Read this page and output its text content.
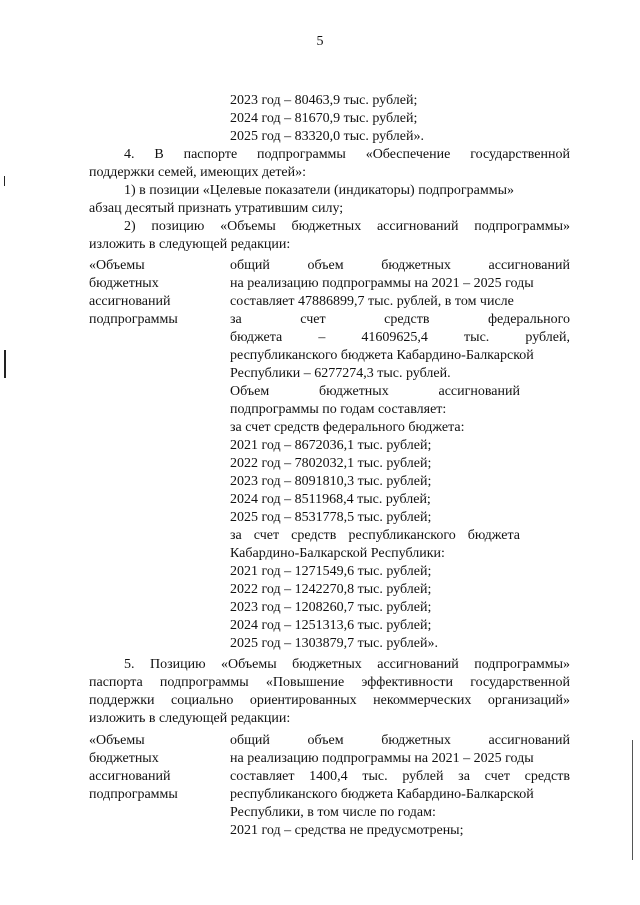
5
2023 год – 80463,9 тыс. рублей;
2024 год – 81670,9 тыс. рублей;
2025 год – 83320,0 тыс. рублей».
4. В паспорте подпрограммы «Обеспечение государственной
поддержки семей, имеющих детей»:
1) в позиции «Целевые показатели (индикаторы) подпрограммы»
абзац десятый признать утратившим силу;
2) позицию «Объемы бюджетных ассигнований подпрограммы»
изложить в следующей редакции:
«Объемы
бюджетных
ассигнований
подпрограммы
общий объем бюджетных ассигнований
на реализацию подпрограммы на 2021 – 2025 годы
составляет 47886899,7 тыс. рублей, в том числе
за счет средств федерального
бюджета – 41609625,4 тыс. рублей,
республиканского бюджета Кабардино-Балкарской
Республики – 6277274,3 тыс. рублей.
Объем бюджетных ассигнований
подпрограммы по годам составляет:
за счет средств федерального бюджета:
2021 год – 8672036,1 тыс. рублей;
2022 год – 7802032,1 тыс. рублей;
2023 год – 8091810,3 тыс. рублей;
2024 год – 8511968,4 тыс. рублей;
2025 год – 8531778,5 тыс. рублей;
за счет средств республиканского бюджета
Кабардино-Балкарской Республики:
2021 год – 1271549,6 тыс. рублей;
2022 год – 1242270,8 тыс. рублей;
2023 год – 1208260,7 тыс. рублей;
2024 год – 1251313,6 тыс. рублей;
2025 год – 1303879,7 тыс. рублей».
5. Позицию «Объемы бюджетных ассигнований подпрограммы»
паспорта подпрограммы «Повышение эффективности государственной
поддержки социально ориентированных некоммерческих организаций»
изложить в следующей редакции:
«Объемы
бюджетных
ассигнований
подпрограммы
общий объем бюджетных ассигнований
на реализацию подпрограммы на 2021 – 2025 годы
составляет 1400,4 тыс. рублей за счет средств
республиканского бюджета Кабардино-Балкарской
Республики, в том числе по годам:
2021 год – средства не предусмотрены;
